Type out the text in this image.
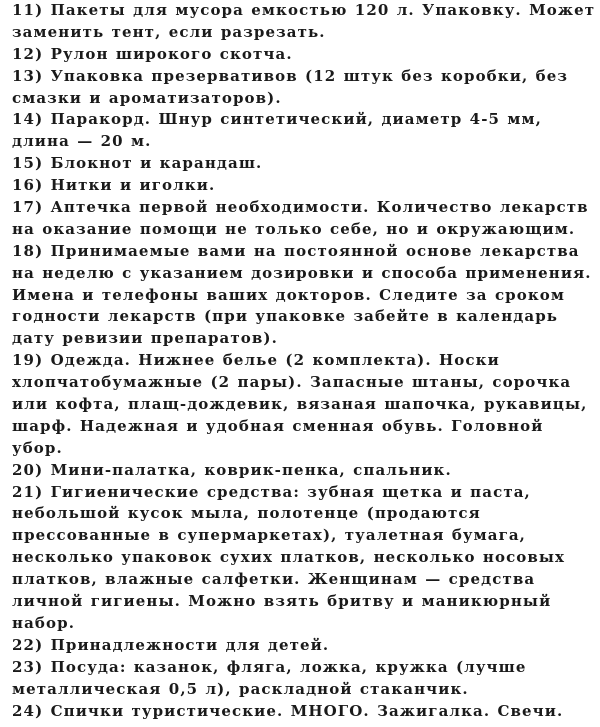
11) Пакеты для мусора емкостью 120 л. Упаковку. Может
заменить тент, если разрезать.
12) Рулон широкого скотча.
13) Упаковка презервативов (12 штук без коробки, без
смазки и ароматизаторов).
14) Паракорд. Шнур синтетический, диаметр 4-5 мм,
длина — 20 м.
15) Блокнот и карандаш.
16) Нитки и иголки.
17) Аптечка первой необходимости. Количество лекарств
на оказание помощи не только себе, но и окружающим.
18) Принимаемые вами на постоянной основе лекарства
на неделю с указанием дозировки и способа применения.
Имена и телефоны ваших докторов. Следите за сроком
годности лекарств (при упаковке забейте в календарь
дату ревизии препаратов).
19) Одежда. Нижнее белье (2 комплекта). Носки
хлопчатобумажные (2 пары). Запасные штаны, сорочка
или кофта, плащ-дождевик, вязаная шапочка, рукавицы,
шарф. Надежная и удобная сменная обувь. Головной
убор.
20) Мини-палатка, коврик-пенка, спальник.
21) Гигиенические средства: зубная щетка и паста,
небольшой кусок мыла, полотенце (продаются
прессованные в супермаркетах), туалетная бумага,
несколько упаковок сухих платков, несколько носовых
платков, влажные салфетки. Женщинам — средства
личной гигиены. Можно взять бритву и маникюрный
набор.
22) Принадлежности для детей.
23) Посуда: казанок, фляга, ложка, кружка (лучше
металлическая 0,5 л), раскладной стаканчик.
24) Спички туристические. МНОГО. Зажигалка. Свечи.
